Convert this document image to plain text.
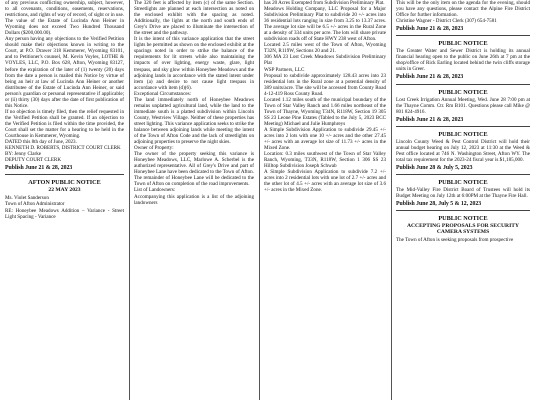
of any previous conflicting ownership, subject, however, to all covenants, conditions, easements, reservations, restrictions, and rights of way of record, of sight or in use. The value of the Estate of Lucinda Ann Heiner in Wyoming does not exceed Two Hundred Thousand Dollars ($200,000.00).

Any person having any objections to the Verified Petition should make their objections known in writing to the Court, at P.O. Drawer 318 Kemmerer, Wyoming 83101, and to Petitioner's counsel, M. Kevin Voyles, LOTHE & VOYLES, LLC, P.O. Box 628, Afton, Wyoming 83127, before the expiration of the later of (1) twenty (20) days from the date a person is mailed this Notice by virtue of being an heir at law of Lucinda Ann Heiner or another distributee of the Estate of Lucinda Ann Heiner, or said person's guardian or personal representative if applicable; or (ii) thirty (30) days after the date of first publication of this Notice.

If no objection is timely filed, then the relief requested in the Verified Petition shall be granted. If an objection to the Verified Petition is filed within the time provided, the Court shall set the matter for a hearing to be held in the Courthouse in Kemmerer, Wyoming.

DATED this 8th day of June, 2023.

KENNETH D. ROBERTS, DISTRICT COURT CLERK

BY: Jenny Clarke

DEPUTY COURT CLERK

Publish June 21 & 28, 2023
AFTON PUBLIC NOTICE
22 MAY 2023

Ms. Violet Sanderson

Town of Afton Administrator

RE: Honeybee Meadows Addition – Variance - Street Light Spacing - Variance

The 320 feet is affected by item (c) of the same Section. Streetlights are planned at each intersection as noted on the enclosed exhibit with the spacing as noted. Additionally, the lights at the north and south ends of Grey's Drive are placed to illuminate the intersection of the street and the pathway.

It is the intent of this variance application that the street lights be permitted as shown on the enclosed exhibit at the spacings noted in order to strike the balance of the requirements for lit streets while also maintaining the impacts of over lighting, energy waste, glare, light trespass, and sky glow within Honeybee Meadows and the adjoining lands in accordance with the stated intent under item (a) and desire to not cause light trespass in accordance with item (d)(6).

Exceptional Circumstances:

The land immediately north of Honeybee Meadows remains unplatted agricultural land, while the land to the immediate south is a platted subdivision within Lincoln County, Westview Village. Neither of these properties has street lighting. This variance application seeks to strike the balance between adjoining lands while meeting the intent of the Town of Afton Code and the lack of streetlights on adjoining properties to preserve the night skies.

Owner of Property:

The owner of the property seeking this variance is Honeybee Meadows, LLC, Marlowe A. Scherbel is the authorized representative. All of Grey's Drive and part of Honeybee Lane have been dedicated to the Town of Afton. The remainder of Honeybee Lane will be dedicated to the Town of Afton on completion of the road improvements.

List of Landowners:

Accompanying this application is a list of the adjoining landowners

has 20 Acres Exempted from Subdivision Preliminary Plat.

Meadows Holding Company, LLC Proposal for a Major Subdivision Preliminary Plat to subdivide 20 +/- acres into 36 residential lots ranging in size from 3.25 to 13.37 acres. The average lot size will be 6.5 +/- acres in the Rural Zone at a density of 334 units per acre. The lots will share private subdivision roads off of State HWY 238 west of Afton.

Located 2.5 miles west of the Town of Afton, Wyoming T32N, R119W, Sections 20 and 21.

306 MA 23 Lost Creek Meadows Subdivision Preliminary Plat

WSP Partners, LLC

Proposal to subdivide approximately 128.43 acres into 23 residential lots in the Rural zone at a potential density of 389 units/acre. The site will be accessed from County Road 4-12-419 Ross County Road.

Located 1.12 miles south of the municipal boundary of the Town of Star Valley Ranch and 1.66 miles northeast of the Town of Thayne, Wyoming T34N, R118W, Section 19 305 SS 23 Leone Pine Estates (Tabled to the July 5, 2023 BCC Meeting) Michael and Julie Humphreys

A Simple Subdivision Application to subdivide 29.45 +/- acres into 2 lots with one 10 +/- acres and the other 27.45 +/- acres with an average lot size of 11.73 +/- acres in the Mixed Zone.

Location: 0.3 miles southwest of the Town of Star Valley Ranch, Wyoming, T33N, R118W, Section 1 306 SS 23 Hilltop Subdivision Joseph Schwab

A Simple Subdivision Application to subdivide 7.2 +/- acres into 2 residential lots with one lot of 2.7 +/- acres and the other lot of 4.5 +/- acres with an average lot size of 3.6 +/- acres in the Mixed Zone.

This will be the only item on the agenda for the evening, should you have any questions, please contact the Alpine Fire District Office for further information.

Christine Wagner - District Clerk (307) 654-7581

Publish June 21 & 28, 2023
PUBLIC NOTICE

The Greater Water and Sewer District is holding its annual financial hearing open to the public on June 26th at 7 pm at the shop/office of Rick Earling located behind the twin cliffs storage units in Greer.

Publish June 21 & 28, 2023
PUBLIC NOTICE

Lost Creek Irrigation Annual Meeting, Wed. June 28 7:00 pm at the Thayne Comm. Ctr. Rm B101. Questions please call Mike @ 801 824-4916.

Publish June 21 & 28, 2023
PUBLIC NOTICE

Lincoln County Weed & Pest Control District will hold their annual budget hearing on July 12, 2023 at 11:30 at the Weed & Pest office located at 746 N. Washington Street, Afton WY. The total tax requirement for the 2023-24 fiscal year is $1,185,000.

Publish June 28 & July 5, 2023
PUBLIC NOTICE

The Mid-Valley Fire District Board of Trustees will hold its Budget Meeting on July 12th at 6:00PM at the Thayne Fire Hall.

Publish June 28, July 5 & 12, 2023
PUBLIC NOTICE
ACCEPTING PROPOSALS FOR SECURITY CAMERA SYSTEMS

The Town of Afton is seeking proposals from prospective
